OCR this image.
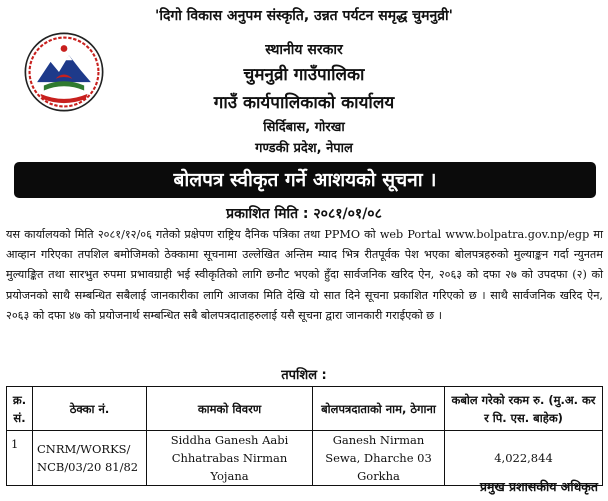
'दिगो विकास अनुपम संस्कृति, उन्नत पर्यटन समृद्ध चुमनुव्री'
स्थानीय सरकार
चुमनुव्री गाउँपालिका
गाउँ कार्यपालिकाको कार्यालय
सिर्दिबास, गोरखा
गण्डकी प्रदेश, नेपाल
बोलपत्र स्वीकृत गर्ने आशयको सूचना ।
प्रकाशित मिति : २०८१/०१/०८

यस कार्यालयको मिति २०८१/१२/०६ गतेको प्रक्षेपण राष्ट्रिय दैनिक पत्रिका तथा PPMO को web Portal www.bolpatra.gov.np/egp मा आव्हान गरिएका तपशिल बमोजिमको ठेक्कामा सूचनामा उल्लेखित अन्तिम म्याद भित्र रीतपूर्वक पेश भएका बोलपत्रहरुको मुल्याङ्कन गर्दा न्युनतम मुल्याङ्कित तथा सारभुत रुपमा प्रभावग्राही भई स्वीकृतिको लागि छनौट भएको हुँदा सार्वजनिक खरिद ऐन, २०६३ को दफा २७ को उपदफा (२) को प्रयोजनको साथै सम्बन्धित सबैलाई जानकारीका लागि आजका मिति देखि यो सात दिने सूचना प्रकाशित गरिएको छ । साथै सार्वजनिक खरिद ऐन, २०६३ को दफा ४७ को प्रयोजनार्थ सम्बन्धित सबै बोलपत्रदाताहरुलाई यसै सूचना द्वारा जानकारी गराईएको छ ।

तपशिल :
क्र. सं.	ठेक्का नं.	कामको विवरण	बोलपत्रदाताको नाम, ठेगाना	कबोल गरेको रकम रु. (मु.अ. कर र पि. एस. बाहेक)
1	CNRM/WORKS/ NCB/03/20 81/82	Siddha Ganesh Aabi Chhatrabas Nirman Yojana	Ganesh Nirman Sewa, Dharche 03 Gorkha	4,022,844
प्रमुख प्रशासकीय अधिकृत
